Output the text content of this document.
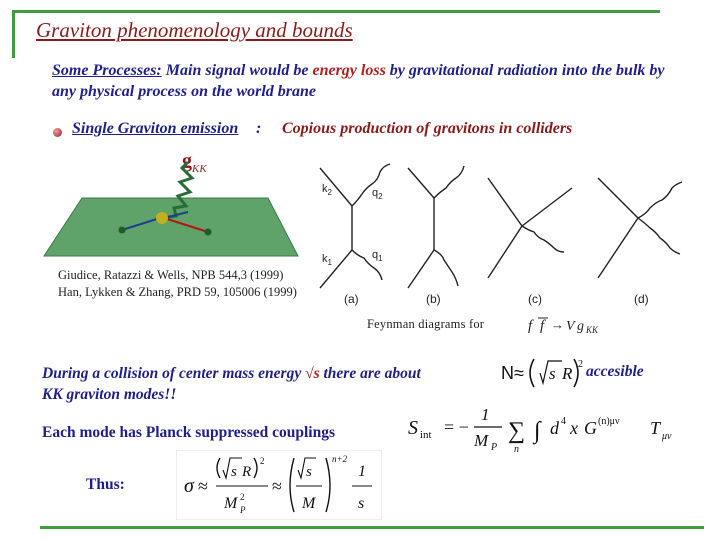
Graviton phenomenology and bounds
Some Processes: Main signal would be energy loss by gravitational radiation into the bulk by any physical process on the world brane
Single Graviton emission : Copious production of gravitons in colliders
$g_{KK}$
Giudice, Ratazzi & Wells, NPB 544,3 (1999)
Han, Lykken & Zhang, PRD 59, 105006 (1999)
$k_2$	$q_2$
$k_1$
$q_1$
(a)	(b)	(c)	(d)
Feynman diagrams for	f f → V g KK
During a collision of center mass energy √s there are about
KK graviton modes!!
N ≈ s R 2 accesible
Each mode has Planck suppressed couplings	S int = −
1
M P
∑
n
∫ d 4 x G (n)μν T μν
Thus:	σ ≈
s R
2
M 2
P
≈
s
M
n+2
1
s
